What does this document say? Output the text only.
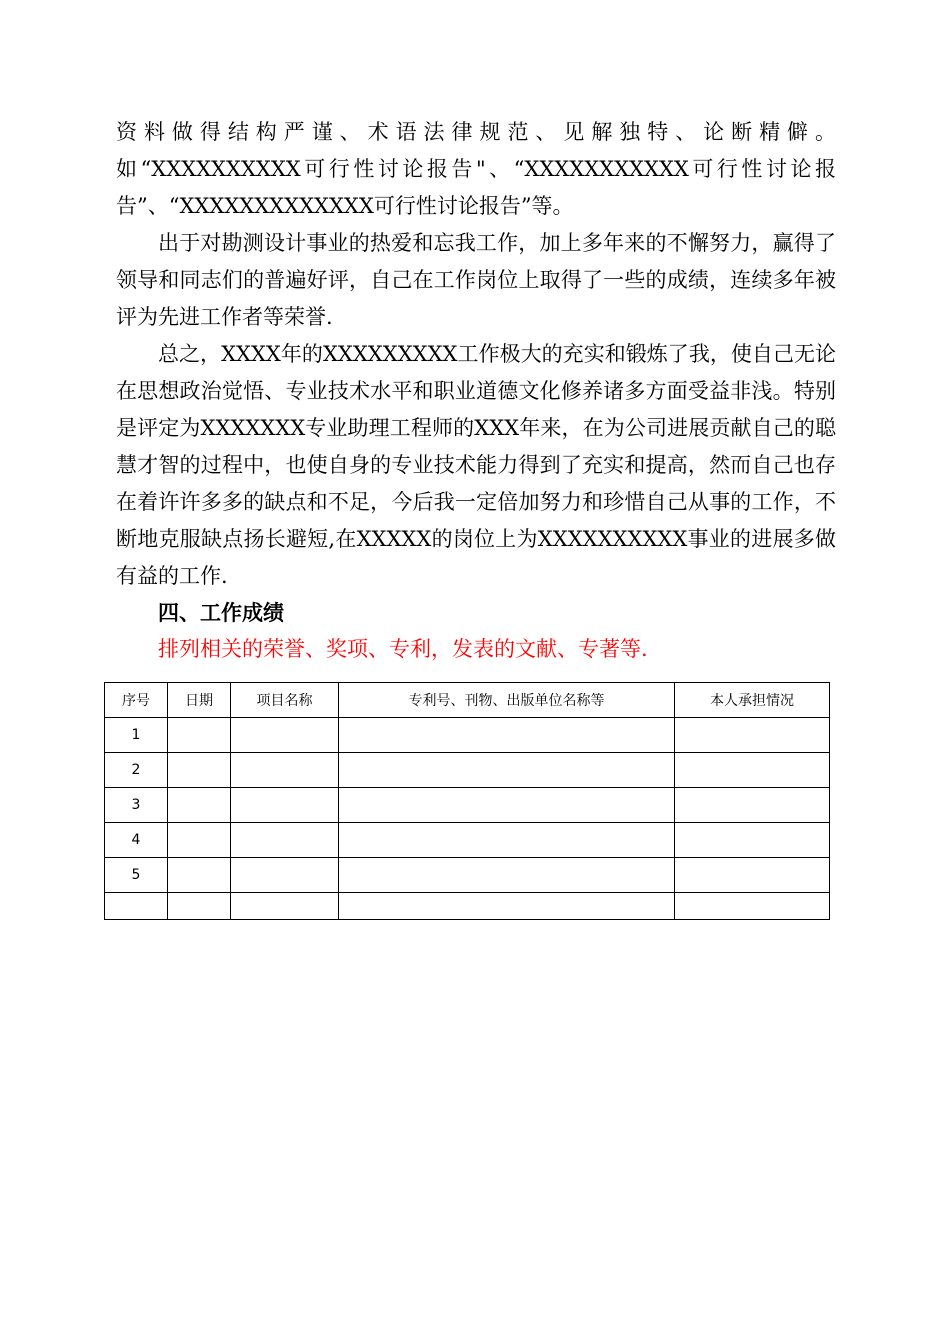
资料做得结构严谨、术语法律规范、见解独特、论断精僻。如“XXXXXXXXXX可行性讨论报告"、“XXXXXXXXXXX可行性讨论报告”、“XXXXXXXXXXXXX可行性讨论报告”等。

出于对勘测设计事业的热爱和忘我工作，加上多年来的不懈努力，赢得了领导和同志们的普遍好评，自己在工作岗位上取得了一些的成绩，连续多年被评为先进工作者等荣誉.

总之，XXXX年的XXXXXXXXX工作极大的充实和锻炼了我，使自己无论在思想政治觉悟、专业技术水平和职业道德文化修养诸多方面受益非浅。特别是评定为XXXXXXX专业助理工程师的XXX年来，在为公司进展贡献自己的聪慧才智的过程中，也使自身的专业技术能力得到了充实和提高，然而自己也存在着许许多多的缺点和不足，今后我一定倍加努力和珍惜自己从事的工作，不断地克服缺点扬长避短,在XXXXX的岗位上为XXXXXXXXXX事业的进展多做有益的工作.

四、工作成绩

排列相关的荣誉、奖项、专利，发表的文献、专著等.

序号	日期	项目名称	专利号、刊物、出版单位名称等	本人承担情况
1				
2				
3				
4				
5				
